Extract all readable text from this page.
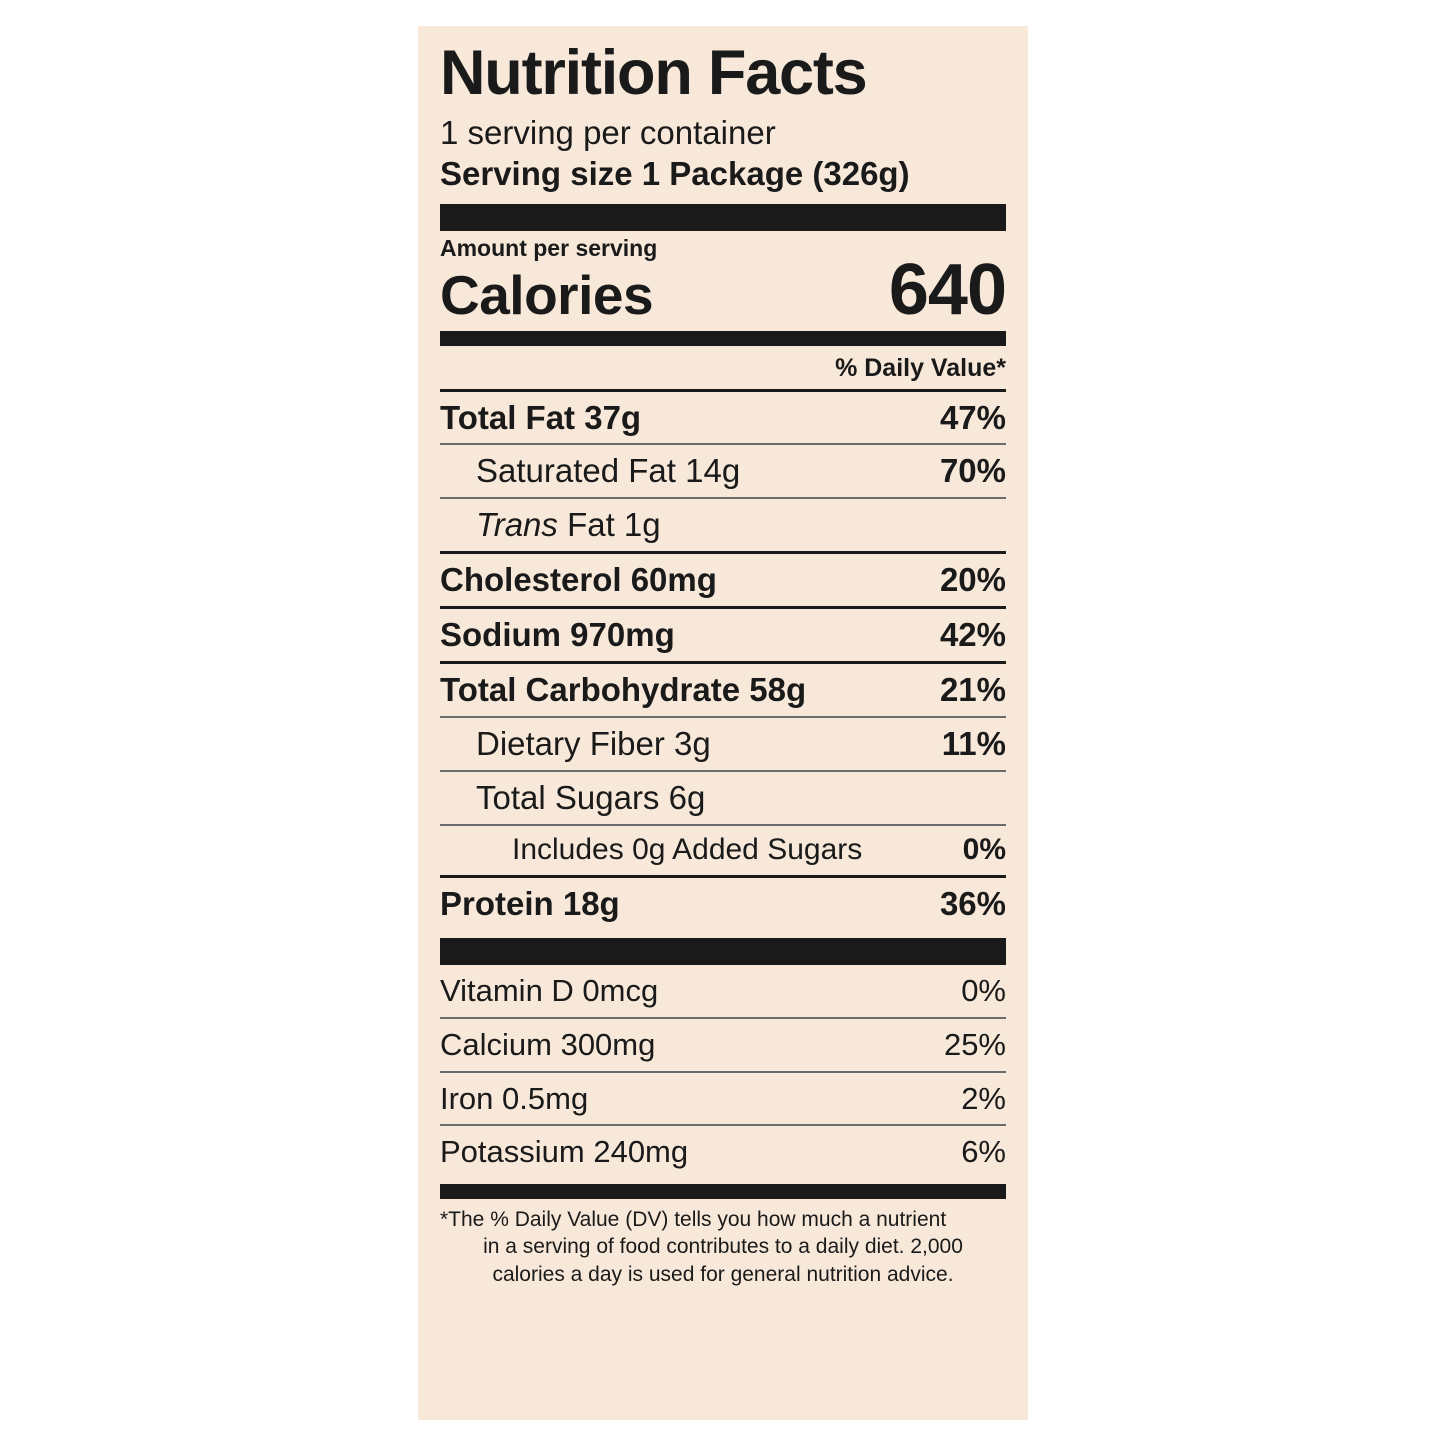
Nutrition Facts
1 serving per container
Serving size 1 Package (326g)
Amount per serving
Calories	640
% Daily Value*
Total Fat 37g	47%
Saturated Fat 14g	70%
Trans Fat 1g
Cholesterol 60mg	20%
Sodium 970mg	42%
Total Carbohydrate 58g	21%
Dietary Fiber 3g	11%
Total Sugars 6g
Includes 0g Added Sugars	0%
Protein 18g	36%
Vitamin D 0mcg	0%
Calcium 300mg	25%
Iron 0.5mg	2%
Potassium 240mg	6%
*The % Daily Value (DV) tells you how much a nutrient
in a serving of food contributes to a daily diet. 2,000
calories a day is used for general nutrition advice.
